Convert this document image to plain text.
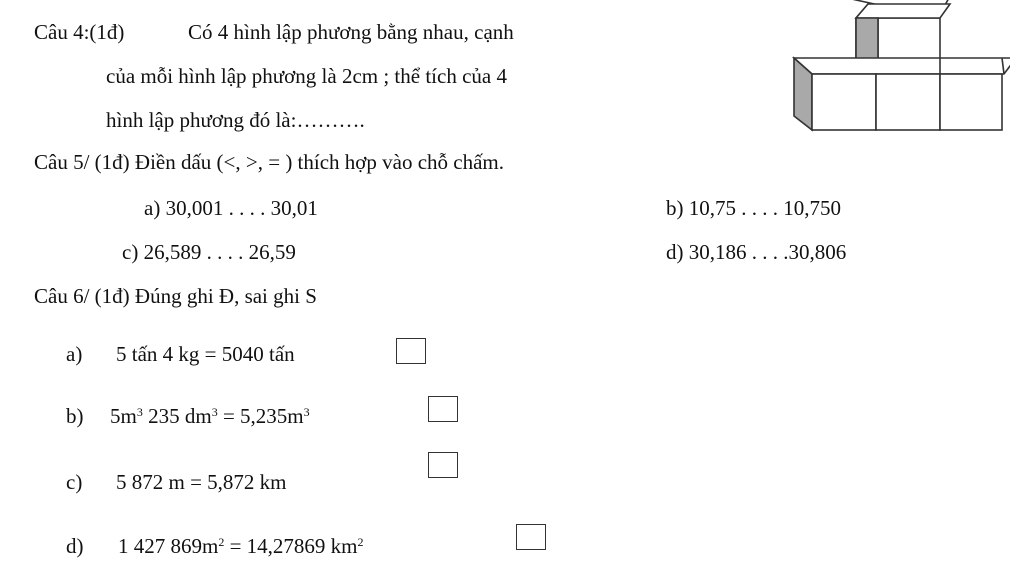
Câu 4:(1đ)	Có 4 hình lập phương bằng nhau, cạnh
của mỗi hình lập phương là 2cm ; thể tích của 4
hình lập phương đó là:……….
Câu 5/ (1đ) Điền dấu (<, >, = ) thích hợp vào chỗ chấm.
a) 30,001 . . . . 30,01	b) 10,75 . . . . 10,750
c) 26,589 . . . . 26,59	d) 30,186 . . . .30,806
Câu 6/ (1đ) Đúng ghi Đ, sai ghi S
a) 5 tấn 4 kg = 5040 tấn
b) $5m^3$ 235 $dm^3 = 5,235m^3$
c) 5 872 m = 5,872 km
d) 1 427 $869m^2 = 14,27869$ $km^2$
